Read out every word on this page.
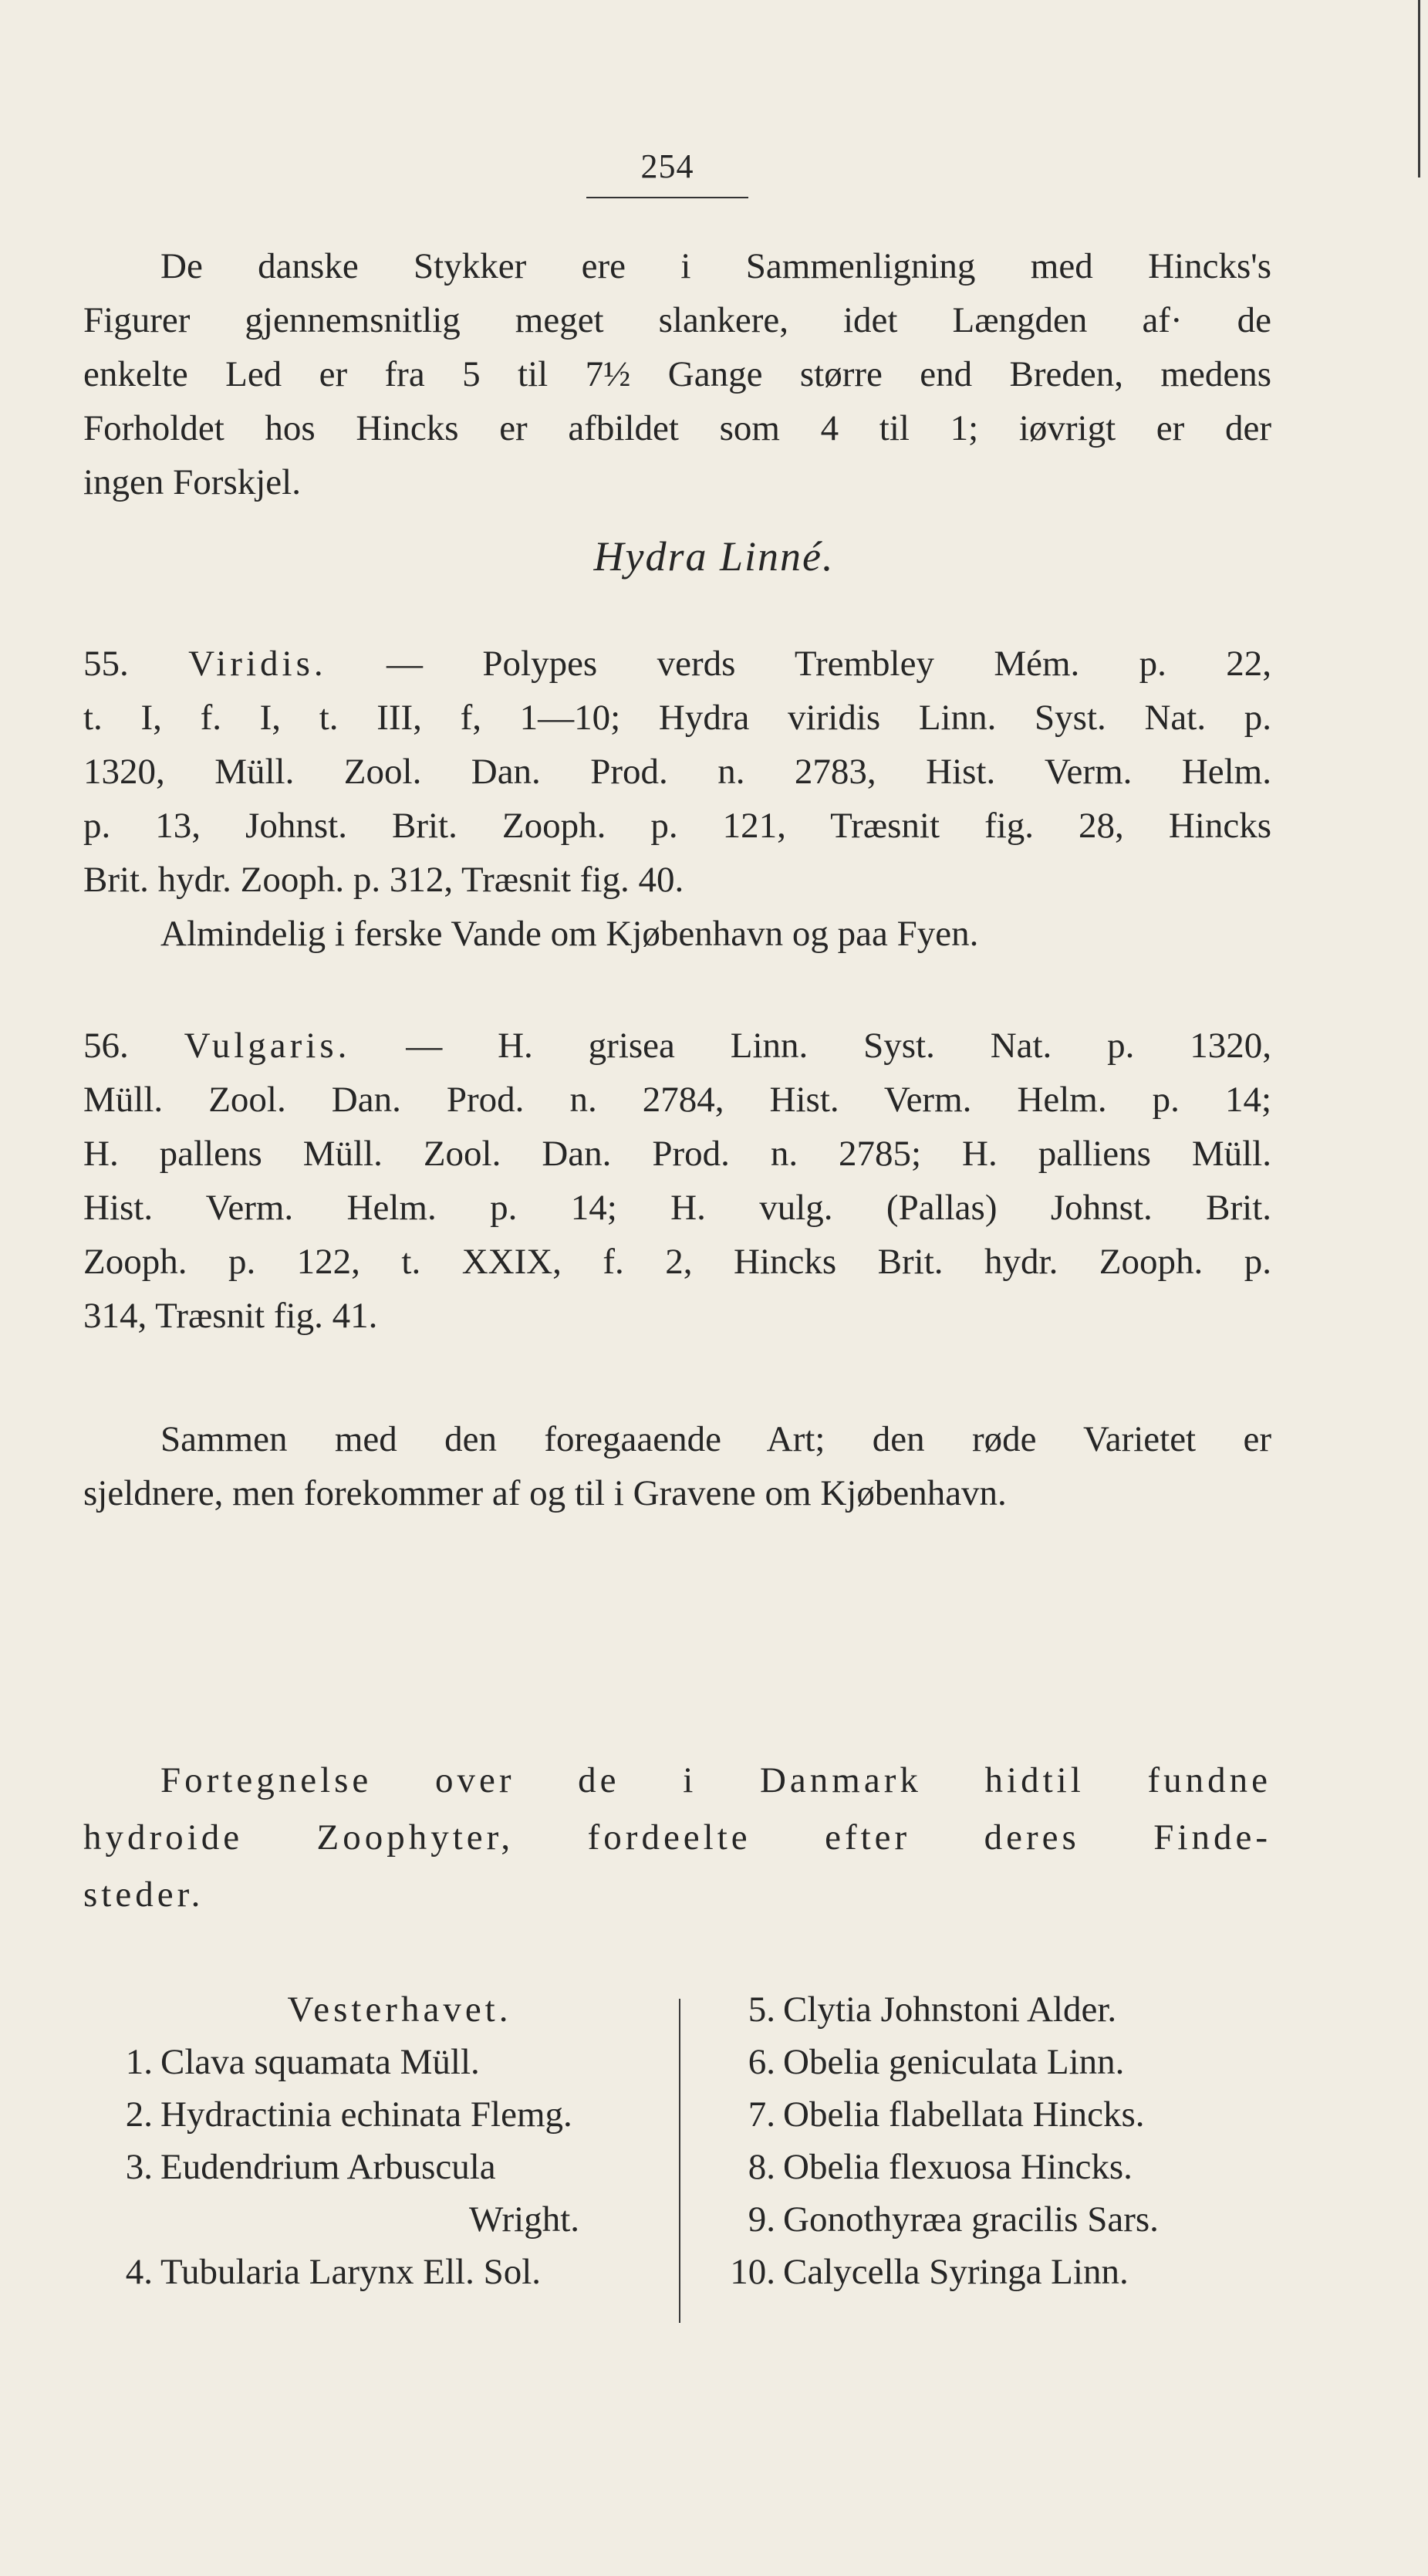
254
De danske Stykker ere i Sammenligning med Hincks's
Figurer gjennemsnitlig meget slankere, idet Længden af· de
enkelte Led er fra 5 til 7½ Gange større end Breden, medens
Forholdet hos Hincks er afbildet som 4 til 1; iøvrigt er der
ingen Forskjel.
Hydra Linné.
55. Viridis. — Polypes verds Trembley Mém. p. 22,
t. I, f. I, t. III, f, 1—10; Hydra viridis Linn. Syst. Nat. p.
1320, Müll. Zool. Dan. Prod. n. 2783, Hist. Verm. Helm.
p. 13, Johnst. Brit. Zooph. p. 121, Træsnit fig. 28, Hincks
Brit. hydr. Zooph. p. 312, Træsnit fig. 40.
Almindelig i ferske Vande om Kjøbenhavn og paa Fyen.
56. Vulgaris. — H. grisea Linn. Syst. Nat. p. 1320,
Müll. Zool. Dan. Prod. n. 2784, Hist. Verm. Helm. p. 14;
H. pallens Müll. Zool. Dan. Prod. n. 2785; H. palliens Müll.
Hist. Verm. Helm. p. 14; H. vulg. (Pallas) Johnst. Brit.
Zooph. p. 122, t. XXIX, f. 2, Hincks Brit. hydr. Zooph. p.
314, Træsnit fig. 41.
Sammen med den foregaaende Art; den røde Varietet er
sjeldnere, men forekommer af og til i Gravene om Kjøbenhavn.
Fortegnelse over de i Danmark hidtil fundne
hydroide Zoophyter, fordeelte efter deres Finde-
steder.
Vesterhavet.
1. Clava squamata Müll.
2. Hydractinia echinata Flemg.
3. Eudendrium Arbuscula
Wright.
4. Tubularia Larynx Ell. Sol.
5. Clytia Johnstoni Alder.
6. Obelia geniculata Linn.
7. Obelia flabellata Hincks.
8. Obelia flexuosa Hincks.
9. Gonothyræa gracilis Sars.
10. Calycella Syringa Linn.
